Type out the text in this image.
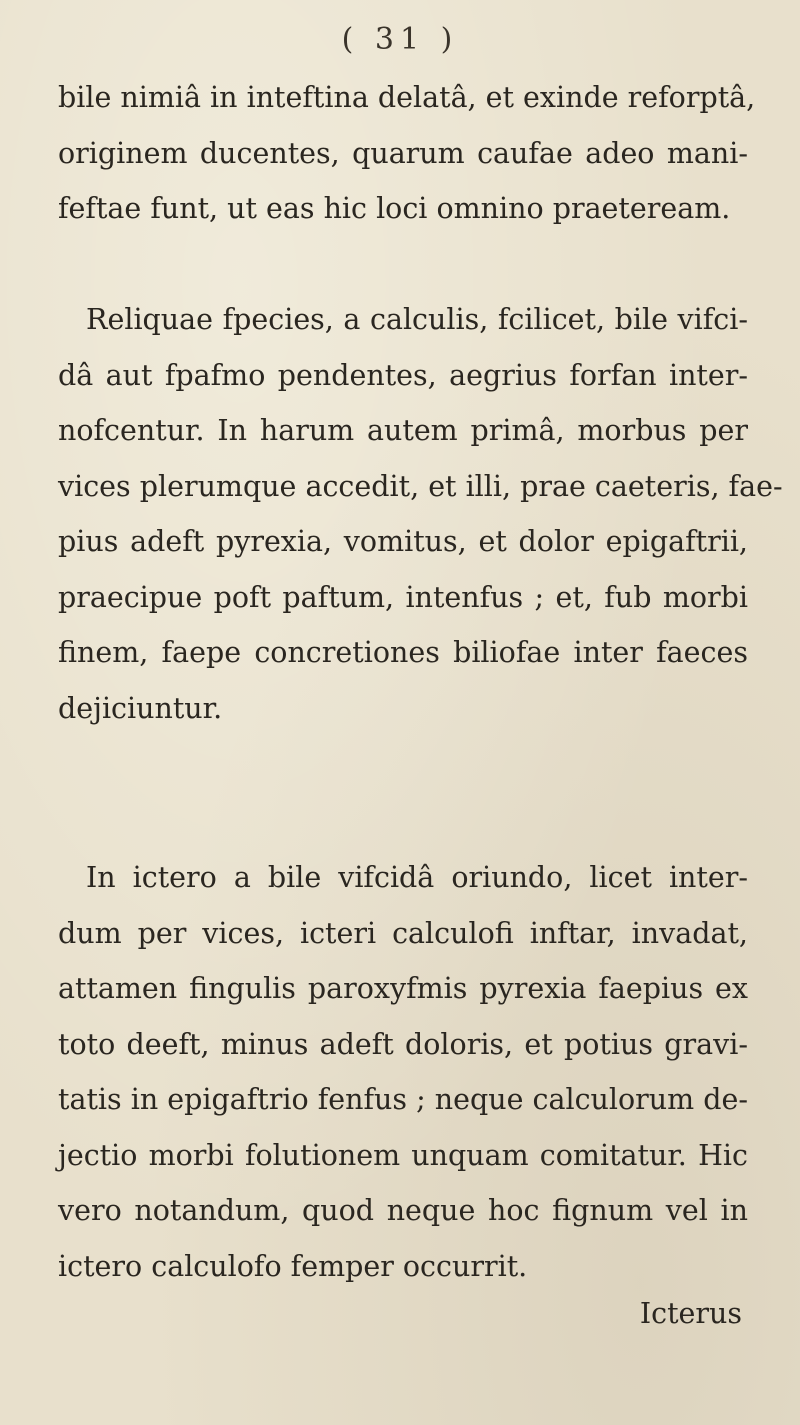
( 31 )

bile nimiâ in inteftina delatâ, et exinde reforptâ,
originem ducentes, quarum caufae adeo mani-
feftae funt, ut eas hic loci omnino praeteream.

Reliquae fpecies, a calculis, fcilicet, bile vifci-
dâ aut fpafmo pendentes, aegrius forfan inter-
nofcentur. In harum autem primâ, morbus per
vices plerumque accedit, et illi, prae caeteris, fae-
pius adeft pyrexia, vomitus, et dolor epigaftrii,
praecipue poft paftum, intenfus ; et, fub morbi
finem, faepe concretiones biliofae inter faeces
dejiciuntur.

In ictero a bile vifcidâ oriundo, licet inter-
dum per vices, icteri calculofi inftar, invadat,
attamen fingulis paroxyfmis pyrexia faepius ex
toto deeft, minus adeft doloris, et potius gravi-
tatis in epigaftrio fenfus ; neque calculorum de-
jectio morbi folutionem unquam comitatur. Hic
vero notandum, quod neque hoc fignum vel in
ictero calculofo femper occurrit.

Icterus
